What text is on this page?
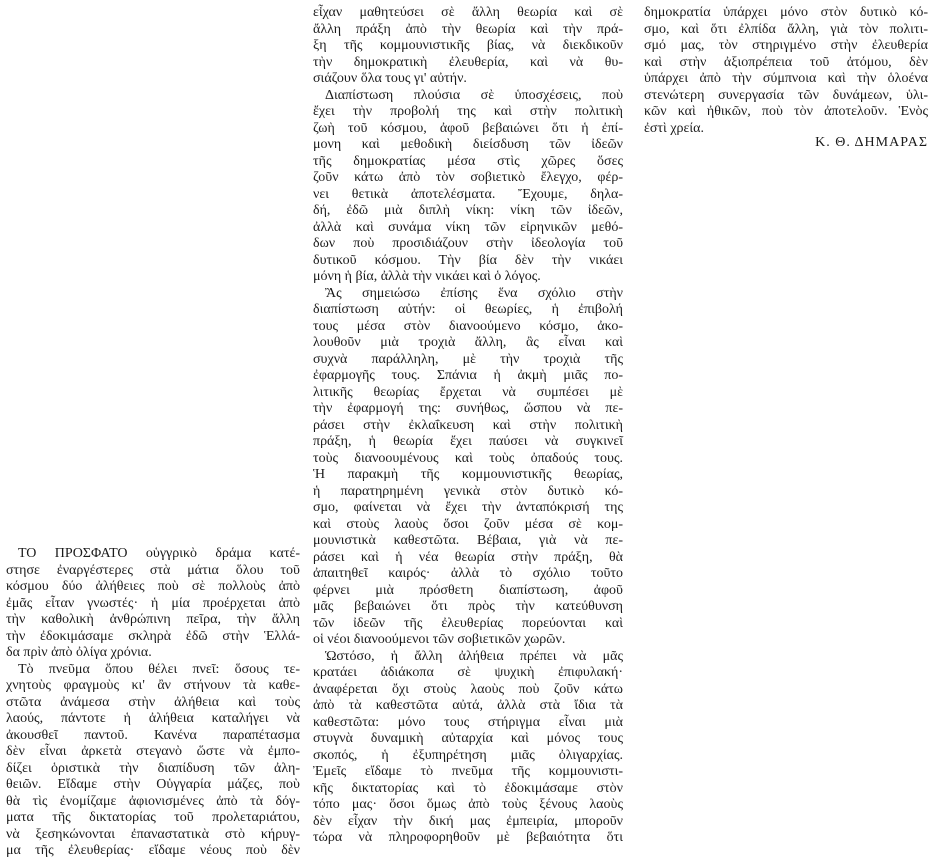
ΤΟ ΠΡΟΣΦΑΤΟ οὑγγρικὸ δράμα κατέ-
στησε ἐναργέστερες στὰ μάτια ὅλου τοῦ
κόσμου δύο ἀλήθειες ποὺ σὲ πολλοὺς ἀπὸ
ἐμᾶς εἶταν γνωστές· ἡ μία προέρχεται ἀπὸ
τὴν καθολικὴ ἀνθρώπινη πεῖρα, τὴν ἄλλη
τὴν ἐδοκιμάσαμε σκληρὰ ἐδῶ στὴν Ἑλλά-
δα πρὶν ἀπὸ ὀλίγα χρόνια.
Τὸ πνεῦμα ὅπου θέλει πνεῖ: ὅσους τε-
χνητοὺς φραγμοὺς κι' ἂν στήνουν τὰ καθε-
στῶτα ἀνάμεσα στὴν ἀλήθεια καὶ τοὺς
λαούς, πάντοτε ἡ ἀλήθεια καταλήγει νὰ
ἀκουσθεῖ παντοῦ. Κανένα παραπέτασμα
δὲν εἶναι ἀρκετὰ στεγανὸ ὥστε νὰ ἐμπο-
δίζει ὁριστικὰ τὴν διαπίδυση τῶν ἀλη-
θειῶν. Εἴδαμε στὴν Οὑγγαρία μάζες, ποὺ
θὰ τὶς ἐνομίζαμε ἀφιονισμένες ἀπὸ τὰ δόγ-
ματα τῆς δικτατορίας τοῦ προλεταριάτου,
νὰ ξεσηκώνονται ἐπαναστατικὰ στὸ κήρυγ-
μα τῆς ἐλευθερίας· εἴδαμε νέους ποὺ δὲν
εἶχαν μαθητεύσει σὲ ἄλλη θεωρία καὶ σὲ
ἄλλη πράξη ἀπὸ τὴν θεωρία καὶ τὴν πρά-
ξη τῆς κομμουνιστικῆς βίας, νὰ διεκδικοῦν
τὴν δημοκρατικὴ ἐλευθερία, καὶ νὰ θυ-
σιάζουν ὅλα τους γι' αὐτήν.
Διαπίστωση πλούσια σὲ ὑποσχέσεις, ποὺ
ἔχει τὴν προβολή της καὶ στὴν πολιτικὴ
ζωὴ τοῦ κόσμου, ἀφοῦ βεβαιώνει ὅτι ἡ ἐπί-
μονη καὶ μεθοδικὴ διείσδυση τῶν ἰδεῶν
τῆς δημοκρατίας μέσα στὶς χῶρες ὅσες
ζοῦν κάτω ἀπὸ τὸν σοβιετικὸ ἔλεγχο, φέρ-
νει θετικὰ ἀποτελέσματα. Ἔχουμε, δηλα-
δή, ἐδῶ μιὰ διπλὴ νίκη: νίκη τῶν ἰδεῶν,
ἀλλὰ καὶ συνάμα νίκη τῶν εἰρηνικῶν μεθό-
δων ποὺ προσιδιάζουν στὴν ἰδεολογία τοῦ
δυτικοῦ κόσμου. Τὴν βία δὲν τὴν νικάει
μόνη ἡ βία, ἀλλὰ τὴν νικάει καὶ ὁ λόγος.
Ἂς σημειώσω ἐπίσης ἕνα σχόλιο στὴν
διαπίστωση αὐτήν: οἱ θεωρίες, ἡ ἐπιβολή
τους μέσα στὸν διανοούμενο κόσμο, ἀκο-
λουθοῦν μιὰ τροχιὰ ἄλλη, ἂς εἶναι καὶ
συχνὰ παράλληλη, μὲ τὴν τροχιὰ τῆς
ἐφαρμογῆς τους. Σπάνια ἡ ἀκμὴ μιᾶς πο-
λιτικῆς θεωρίας ἔρχεται νὰ συμπέσει μὲ
τὴν ἐφαρμογή της: συνήθως, ὥσπου νὰ πε-
ράσει στὴν ἐκλαΐκευση καὶ στὴν πολιτικὴ
πράξη, ἡ θεωρία ἔχει παύσει νὰ συγκινεῖ
τοὺς διανοουμένους καὶ τοὺς ὀπαδούς τους.
Ἡ παρακμὴ τῆς κομμουνιστικῆς θεωρίας,
ἡ παρατηρημένη γενικὰ στὸν δυτικὸ κό-
σμο, φαίνεται νὰ ἔχει τὴν ἀνταπόκρισή της
καὶ στοὺς λαοὺς ὅσοι ζοῦν μέσα σὲ κομ-
μουνιστικὰ καθεστῶτα. Βέβαια, γιὰ νὰ πε-
ράσει καὶ ἡ νέα θεωρία στὴν πράξη, θὰ
ἀπαιτηθεῖ καιρός· ἀλλὰ τὸ σχόλιο τοῦτο
φέρνει μιὰ πρόσθετη διαπίστωση, ἀφοῦ
μᾶς βεβαιώνει ὅτι πρὸς τὴν κατεύθυνση
τῶν ἰδεῶν τῆς ἐλευθερίας πορεύονται καὶ
οἱ νέοι διανοούμενοι τῶν σοβιετικῶν χωρῶν.
Ὡστόσο, ἡ ἄλλη ἀλήθεια πρέπει νὰ μᾶς
κρατάει ἀδιάκοπα σὲ ψυχικὴ ἐπιφυλακή·
ἀναφέρεται ὄχι στοὺς λαοὺς ποὺ ζοῦν κάτω
ἀπὸ τὰ καθεστῶτα αὐτά, ἀλλὰ στὰ ἴδια τὰ
καθεστῶτα: μόνο τους στήριγμα εἶναι μιὰ
στυγνὰ δυναμικὴ αὐταρχία καὶ μόνος τους
σκοπός, ἡ ἐξυπηρέτηση μιᾶς ὀλιγαρχίας.
Ἐμεῖς εἴδαμε τὸ πνεῦμα τῆς κομμουνιστι-
κῆς δικτατορίας καὶ τὸ ἐδοκιμάσαμε στὸν
τόπο μας· ὅσοι ὅμως ἀπὸ τοὺς ξένους λαοὺς
δὲν εἶχαν τὴν δική μας ἐμπειρία, μποροῦν
τώρα νὰ πληροφορηθοῦν μὲ βεβαιότητα ὅτι
δημοκρατία ὑπάρχει μόνο στὸν δυτικὸ κό-
σμο, καὶ ὅτι ἐλπίδα ἄλλη, γιὰ τὸν πολιτι-
σμό μας, τὸν στηριγμένο στὴν ἐλευθερία
καὶ στὴν ἀξιοπρέπεια τοῦ ἀτόμου, δὲν
ὑπάρχει ἀπὸ τὴν σύμπνοια καὶ τὴν ὁλοένα
στενώτερη συνεργασία τῶν δυνάμεων, ὑλι-
κῶν καὶ ἠθικῶν, ποὺ τὸν ἀποτελοῦν. Ἑνὸς
ἐστὶ χρεία.
Κ. Θ. ΔΗΜΑΡΑΣ
